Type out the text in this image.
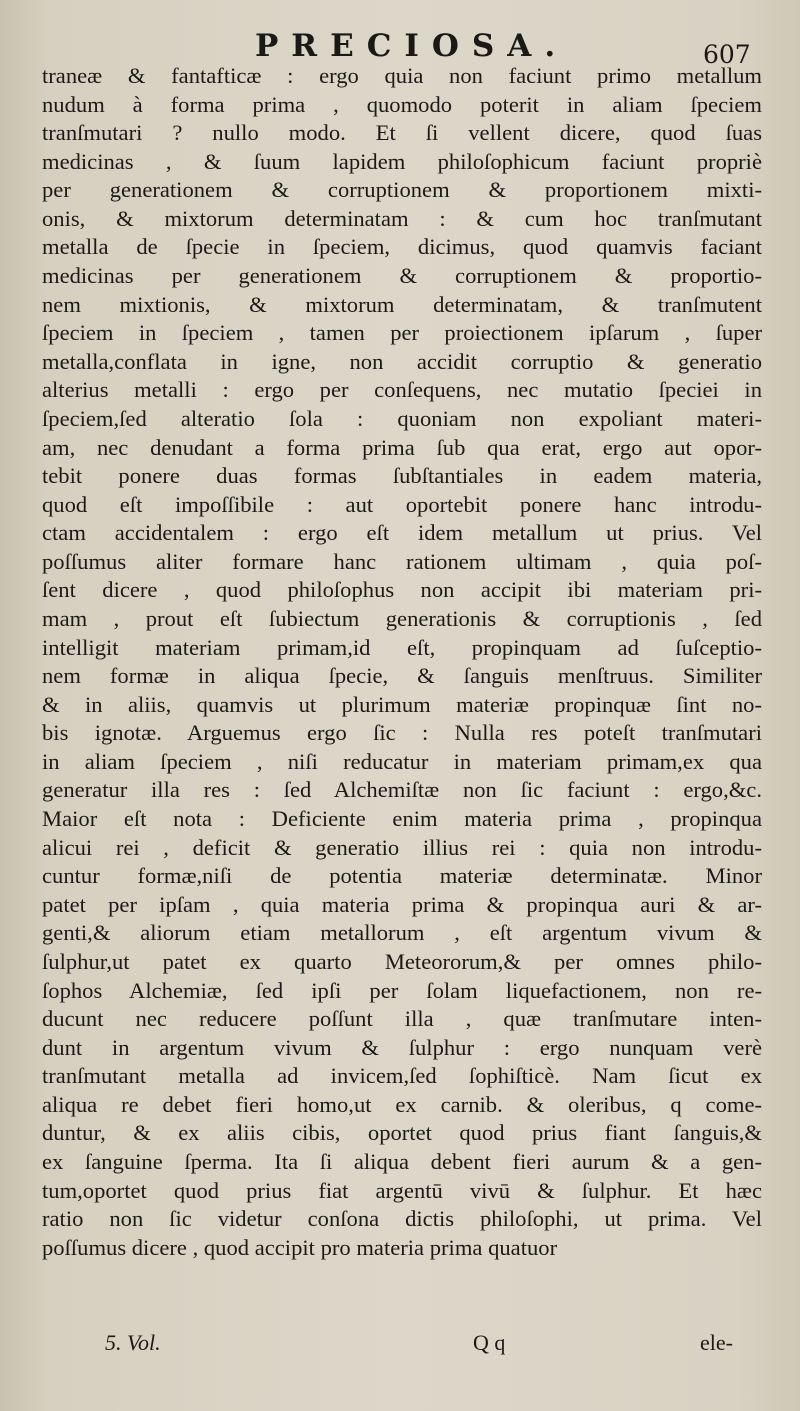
PRECIOSA.	607
traneæ & fantafticæ : ergo quia non faciunt primo metallum
nudum à forma prima , quomodo poterit in aliam ſpeciem
tranſmutari ? nullo modo. Et ſi vellent dicere, quod ſuas
medicinas , & ſuum lapidem philoſophicum faciunt propriè
per generationem & corruptionem & proportionem mixti-
onis, & mixtorum determinatam : & cum hoc tranſmutant
metalla de ſpecie in ſpeciem, dicimus, quod quamvis faciant
medicinas per generationem & corruptionem & proportio-
nem mixtionis, & mixtorum determinatam, & tranſmutent
ſpeciem in ſpeciem , tamen per proiectionem ipſarum , ſuper
metalla,conflata in igne, non accidit corruptio & generatio
alterius metalli : ergo per conſequens, nec mutatio ſpeciei in
ſpeciem,ſed alteratio ſola : quoniam non expoliant materi-
am, nec denudant a forma prima ſub qua erat, ergo aut opor-
tebit ponere duas formas ſubſtantiales in eadem materia,
quod eſt impoſſibile : aut oportebit ponere hanc introdu-
ctam accidentalem : ergo eſt idem metallum ut prius. Vel
poſſumus aliter formare hanc rationem ultimam , quia poſ-
ſent dicere , quod philoſophus non accipit ibi materiam pri-
mam , prout eſt ſubiectum generationis & corruptionis , ſed
intelligit materiam primam,id eſt, propinquam ad ſuſceptio-
nem formæ in aliqua ſpecie, & ſanguis menſtruus. Similiter
& in aliis, quamvis ut plurimum materiæ propinquæ ſint no-
bis ignotæ. Arguemus ergo ſic : Nulla res poteſt tranſmutari
in aliam ſpeciem , niſi reducatur in materiam primam,ex qua
generatur illa res : ſed Alchemiſtæ non ſic faciunt : ergo,&c.
Maior eſt nota : Deficiente enim materia prima , propinqua
alicui rei , deficit & generatio illius rei : quia non introdu-
cuntur formæ,niſi de potentia materiæ determinatæ. Minor
patet per ipſam , quia materia prima & propinqua auri & ar-
genti,& aliorum etiam metallorum , eſt argentum vivum &
ſulphur,ut patet ex quarto Meteororum,& per omnes philo-
ſophos Alchemiæ, ſed ipſi per ſolam liquefactionem, non re-
ducunt nec reducere poſſunt illa , quæ tranſmutare inten-
dunt in argentum vivum & ſulphur : ergo nunquam verè
tranſmutant metalla ad invicem,ſed ſophiſticè. Nam ſicut ex
aliqua re debet fieri homo,ut ex carnib. & oleribus, q come-
duntur, & ex aliis cibis, oportet quod prius fiant ſanguis,&
ex ſanguine ſperma. Ita ſi aliqua debent fieri aurum & a gen-
tum,oportet quod prius fiat argentū vivū & ſulphur. Et hæc
ratio non ſic videtur conſona dictis philoſophi, ut prima. Vel
poſſumus dicere , quod accipit pro materia prima quatuor
5. Vol.	Q q	ele-
